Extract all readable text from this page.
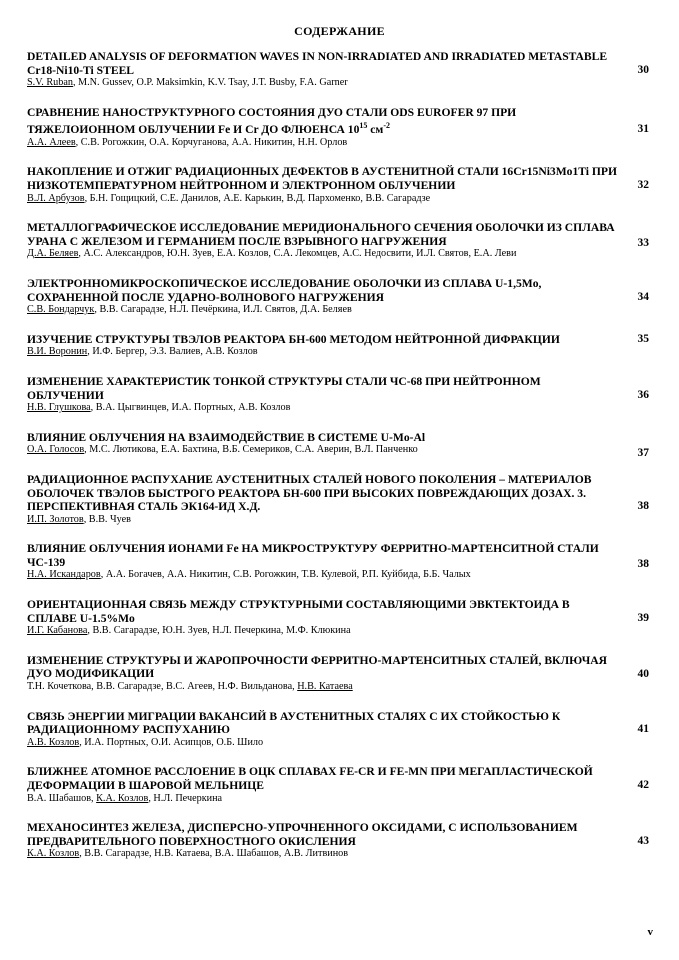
СОДЕРЖАНИЕ
DETAILED ANALYSIS OF DEFORMATION WAVES IN NON-IRRADIATED AND IRRADIATED METASTABLE Cr18-Ni10-Ti STEEL
S.V. Ruban, M.N. Gussev, O.P. Maksimkin, K.V. Tsay, J.T. Busby, F.A. Garner
30
СРАВНЕНИЕ НАНОСТРУКТУРНОГО СОСТОЯНИЯ ДУО СТАЛИ ODS EUROFER 97 ПРИ ТЯЖЕЛОИОННОМ ОБЛУЧЕНИИ Fe И Cr ДО ФЛЮЕНСА $10^{15}$ $см^{-2}$
А.А. Алеев, С.В. Рогожкин, О.А. Корчуганова, А.А. Никитин, Н.Н. Орлов
31
НАКОПЛЕНИЕ И ОТЖИГ РАДИАЦИОННЫХ ДЕФЕКТОВ В АУСТЕНИТНОЙ СТАЛИ 16Cr15Ni3Mo1Ti ПРИ НИЗКОТЕМПЕРАТУРНОМ НЕЙТРОННОМ И ЭЛЕКТРОННОМ ОБЛУЧЕНИИ
В.Л. Арбузов, Б.Н. Гощицкий, С.Е. Данилов, А.Е. Карькин, В.Д. Пархоменко, В.В. Сагарадзе
32
МЕТАЛЛОГРАФИЧЕСКОЕ ИССЛЕДОВАНИЕ МЕРИДИОНАЛЬНОГО СЕЧЕНИЯ ОБОЛОЧКИ ИЗ СПЛАВА УРАНА С ЖЕЛЕЗОМ И ГЕРМАНИЕМ ПОСЛЕ ВЗРЫВНОГО НАГРУЖЕНИЯ
Д.А. Беляев, А.С. Александров, Ю.Н. Зуев, Е.А. Козлов, С.А. Лекомцев, А.С. Недосвити, И.Л. Святов, Е.А. Леви
33
ЭЛЕКТРОННОМИКРОСКОПИЧЕСКОЕ ИССЛЕДОВАНИЕ ОБОЛОЧКИ ИЗ СПЛАВА U-1,5Mo, СОХРАНЕННОЙ ПОСЛЕ УДАРНО-ВОЛНОВОГО НАГРУЖЕНИЯ
С.В. Бондарчук, В.В. Сагарадзе, Н.Л. Печёркина, И.Л. Святов, Д.А. Беляев
34
ИЗУЧЕНИЕ СТРУКТУРЫ ТВЭЛОВ РЕАКТОРА БН-600 МЕТОДОМ НЕЙТРОННОЙ ДИФРАКЦИИ
В.И. Воронин, И.Ф. Бергер, Э.З. Валиев, А.В. Козлов
35
ИЗМЕНЕНИЕ ХАРАКТЕРИСТИК ТОНКОЙ СТРУКТУРЫ СТАЛИ ЧС-68 ПРИ НЕЙТРОННОМ ОБЛУЧЕНИИ
Н.В. Глушкова, В.А. Цыгвинцев, И.А. Портных, А.В. Козлов
36
ВЛИЯНИЕ ОБЛУЧЕНИЯ НА ВЗАИМОДЕЙСТВИЕ В СИСТЕМЕ U-Mo-Al
О.А. Голосов, М.С. Лютикова, Е.А. Бахтина, В.Б. Семериков, С.А. Аверин, В.Л. Панченко	37
РАДИАЦИОННОЕ РАСПУХАНИЕ АУСТЕНИТНЫХ СТАЛЕЙ НОВОГО ПОКОЛЕНИЯ – МАТЕРИАЛОВ ОБОЛОЧЕК ТВЭЛОВ БЫСТРОГО РЕАКТОРА БН-600 ПРИ ВЫСОКИХ ПОВРЕЖДАЮЩИХ ДОЗАХ. 3. ПЕРСПЕКТИВНАЯ СТАЛЬ ЭК164-ИД Х.Д.
И.П. Золотов, В.В. Чуев
38
ВЛИЯНИЕ ОБЛУЧЕНИЯ ИОНАМИ Fe НА МИКРОСТРУКТУРУ ФЕРРИТНО-МАРТЕНСИТНОЙ СТАЛИ ЧС-139
Н.А. Искандаров, А.А. Богачев, А.А. Никитин, С.В. Рогожкин, Т.В. Кулевой, Р.П. Куйбида, Б.Б. Чалых
38
ОРИЕНТАЦИОННАЯ СВЯЗЬ МЕЖДУ СТРУКТУРНЫМИ СОСТАВЛЯЮЩИМИ ЭВКТЕКТОИДА В СПЛАВЕ U-1.5%Mo
И.Г. Кабанова, В.В. Сагарадзе, Ю.Н. Зуев, Н.Л. Печеркина, М.Ф. Клюкина
39
ИЗМЕНЕНИЕ СТРУКТУРЫ И ЖАРОПРОЧНОСТИ ФЕРРИТНО-МАРТЕНСИТНЫХ СТАЛЕЙ, ВКЛЮЧАЯ ДУО МОДИФИКАЦИИ
Т.Н. Кочеткова, В.В. Сагарадзе, В.С. Агеев, Н.Ф. Вильданова, Н.В. Катаева
40
СВЯЗЬ ЭНЕРГИИ МИГРАЦИИ ВАКАНСИЙ В АУСТЕНИТНЫХ СТАЛЯХ С ИХ СТОЙКОСТЬЮ К РАДИАЦИОННОМУ РАСПУХАНИЮ
А.В. Козлов, И.А. Портных, О.И. Асипцов, О.Б. Шило
41
БЛИЖНЕЕ АТОМНОЕ РАССЛОЕНИЕ В ОЦК СПЛАВАХ FE-CR И FE-MN ПРИ МЕГАПЛАСТИЧЕСКОЙ ДЕФОРМАЦИИ В ШАРОВОЙ МЕЛЬНИЦЕ
В.А. Шабашов, К.А. Козлов, Н.Л. Печеркина
42
МЕХАНОСИНТЕЗ ЖЕЛЕЗА, ДИСПЕРСНО-УПРОЧНЕННОГО ОКСИДАМИ, С ИСПОЛЬЗОВАНИЕМ ПРЕДВАРИТЕЛЬНОГО ПОВЕРХНОСТНОГО ОКИСЛЕНИЯ
К.А. Козлов, В.В. Сагарадзе, Н.В. Катаева, В.А. Шабашов, А.В. Литвинов
43
v
